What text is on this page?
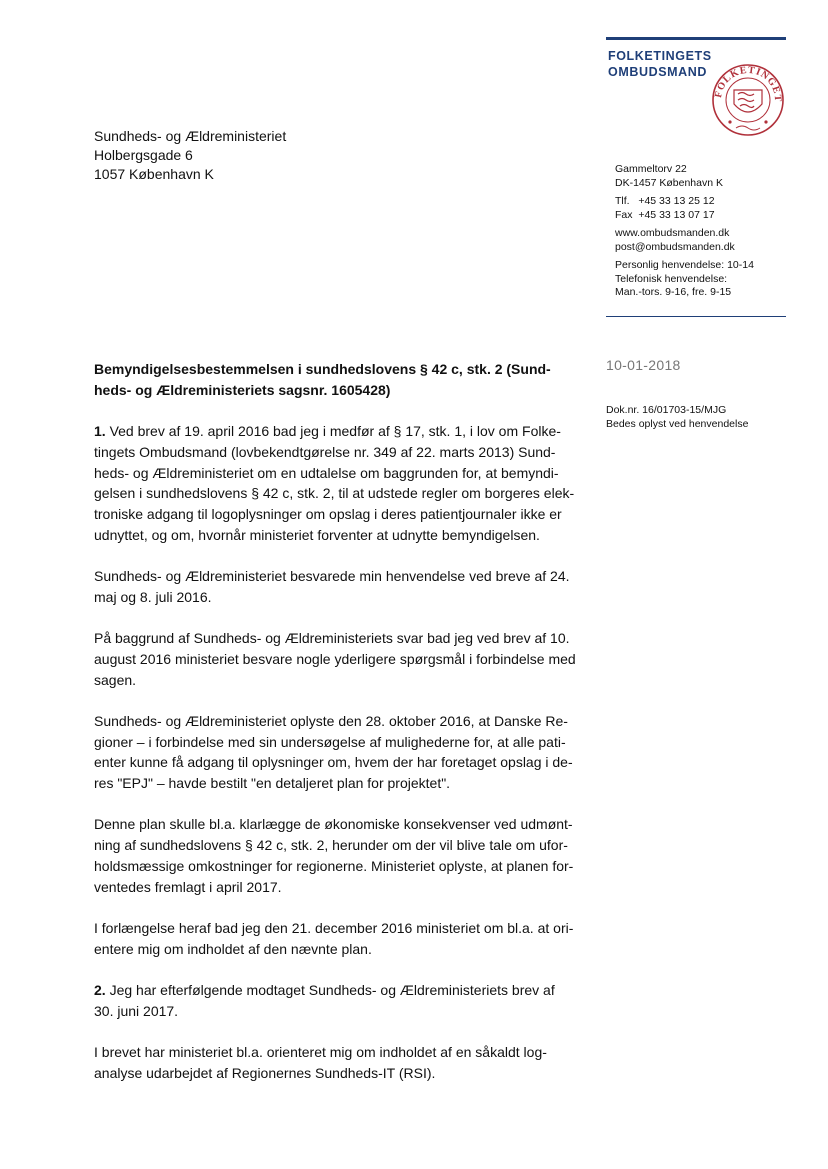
FOLKETINGETS
OMBUDSMAND
FOLKETINGET
Sundheds- og Ældreministeriet
Holbergsgade 6
1057 København K	Gammeltorv 22
DK-1457 København K
Tlf.   +45 33 13 25 12
Fax  +45 33 13 07 17
www.ombudsmanden.dk
post@ombudsmanden.dk
Personlig henvendelse: 10-14
Telefonisk henvendelse:
Man.-tors. 9-16, fre. 9-15
10-01-2018
Dok.nr. 16/01703-15/MJG
Bedes oplyst ved henvendelse

Bemyndigelsesbestemmelsen i sundhedslovens § 42 c, stk. 2 (Sund-heds- og Ældreministeriets sagsnr. 1605428)

1. Ved brev af 19. april 2016 bad jeg i medfør af § 17, stk. 1, i lov om Folke-tingets Ombudsmand (lovbekendtgørelse nr. 349 af 22. marts 2013) Sund-heds- og Ældreministeriet om en udtalelse om baggrunden for, at bemyndi-gelsen i sundhedslovens § 42 c, stk. 2, til at udstede regler om borgeres elek-troniske adgang til logoplysninger om opslag i deres patientjournaler ikke er udnyttet, og om, hvornår ministeriet forventer at udnytte bemyndigelsen.

Sundheds- og Ældreministeriet besvarede min henvendelse ved breve af 24. maj og 8. juli 2016.

På baggrund af Sundheds- og Ældreministeriets svar bad jeg ved brev af 10. august 2016 ministeriet besvare nogle yderligere spørgsmål i forbindelse med sagen.

Sundheds- og Ældreministeriet oplyste den 28. oktober 2016, at Danske Re-gioner – i forbindelse med sin undersøgelse af mulighederne for, at alle pati-enter kunne få adgang til oplysninger om, hvem der har foretaget opslag i de-res "EPJ" – havde bestilt "en detaljeret plan for projektet".

Denne plan skulle bl.a. klarlægge de økonomiske konsekvenser ved udmønt-ning af sundhedslovens § 42 c, stk. 2, herunder om der vil blive tale om ufor-holdsmæssige omkostninger for regionerne. Ministeriet oplyste, at planen for-ventedes fremlagt i april 2017.

I forlængelse heraf bad jeg den 21. december 2016 ministeriet om bl.a. at ori-entere mig om indholdet af den nævnte plan.

2. Jeg har efterfølgende modtaget Sundheds- og Ældreministeriets brev af 30. juni 2017.

I brevet har ministeriet bl.a. orienteret mig om indholdet af en såkaldt log-analyse udarbejdet af Regionernes Sundheds-IT (RSI).
